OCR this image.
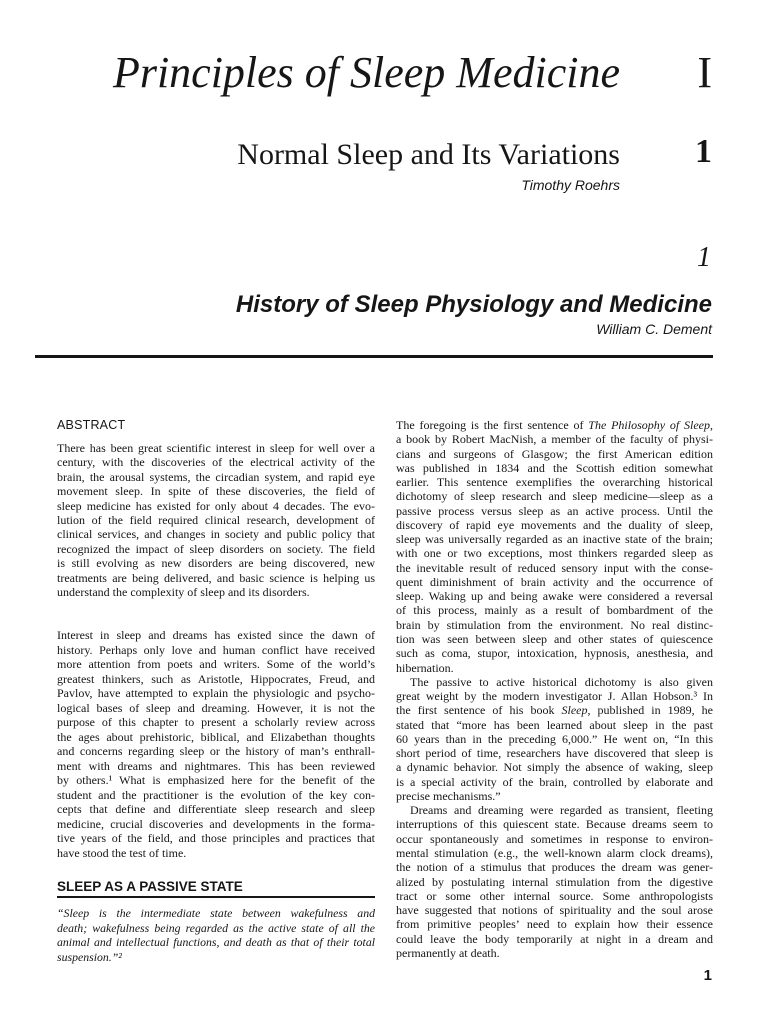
Principles of Sleep Medicine I
Normal Sleep and Its Variations 1
Timothy Roehrs
1
History of Sleep Physiology and Medicine
William C. Dement
ABSTRACT
There has been great scientific interest in sleep for well over a
century, with the discoveries of the electrical activity of the
brain, the arousal systems, the circadian system, and rapid eye
movement sleep. In spite of these discoveries, the field of
sleep medicine has existed for only about 4 decades. The evo-
lution of the field required clinical research, development of
clinical services, and changes in society and public policy that
recognized the impact of sleep disorders on society. The field
is still evolving as new disorders are being discovered, new
treatments are being delivered, and basic science is helping us
understand the complexity of sleep and its disorders.
Interest in sleep and dreams has existed since the dawn of
history. Perhaps only love and human conflict have received
more attention from poets and writers. Some of the world’s
greatest thinkers, such as Aristotle, Hippocrates, Freud, and
Pavlov, have attempted to explain the physiologic and psycho-
logical bases of sleep and dreaming. However, it is not the
purpose of this chapter to present a scholarly review across
the ages about prehistoric, biblical, and Elizabethan thoughts
and concerns regarding sleep or the history of man’s enthrall-
ment with dreams and nightmares. This has been reviewed
by others.¹ What is emphasized here for the benefit of the
student and the practitioner is the evolution of the key con-
cepts that define and differentiate sleep research and sleep
medicine, crucial discoveries and developments in the forma-
tive years of the field, and those principles and practices that
have stood the test of time.
SLEEP AS A PASSIVE STATE
“Sleep is the intermediate state between wakefulness and
death; wakefulness being regarded as the active state of all the
animal and intellectual functions, and death as that of their total
suspension.”²
The foregoing is the first sentence of The Philosophy of Sleep,
a book by Robert MacNish, a member of the faculty of physi-
cians and surgeons of Glasgow; the first American edition
was published in 1834 and the Scottish edition somewhat
earlier. This sentence exemplifies the overarching historical
dichotomy of sleep research and sleep medicine—sleep as a
passive process versus sleep as an active process. Until the
discovery of rapid eye movements and the duality of sleep,
sleep was universally regarded as an inactive state of the brain;
with one or two exceptions, most thinkers regarded sleep as
the inevitable result of reduced sensory input with the conse-
quent diminishment of brain activity and the occurrence of
sleep. Waking up and being awake were considered a reversal
of this process, mainly as a result of bombardment of the
brain by stimulation from the environment. No real distinc-
tion was seen between sleep and other states of quiescence
such as coma, stupor, intoxication, hypnosis, anesthesia, and
hibernation.
The passive to active historical dichotomy is also given
great weight by the modern investigator J. Allan Hobson.³ In
the first sentence of his book Sleep, published in 1989, he
stated that “more has been learned about sleep in the past
60 years than in the preceding 6,000.” He went on, “In this
short period of time, researchers have discovered that sleep is
a dynamic behavior. Not simply the absence of waking, sleep
is a special activity of the brain, controlled by elaborate and
precise mechanisms.”
Dreams and dreaming were regarded as transient, fleeting
interruptions of this quiescent state. Because dreams seem to
occur spontaneously and sometimes in response to environ-
mental stimulation (e.g., the well-known alarm clock dreams),
the notion of a stimulus that produces the dream was gener-
alized by postulating internal stimulation from the digestive
tract or some other internal source. Some anthropologists
have suggested that notions of spirituality and the soul arose
from primitive peoples’ need to explain how their essence
could leave the body temporarily at night in a dream and
permanently at death.
1
